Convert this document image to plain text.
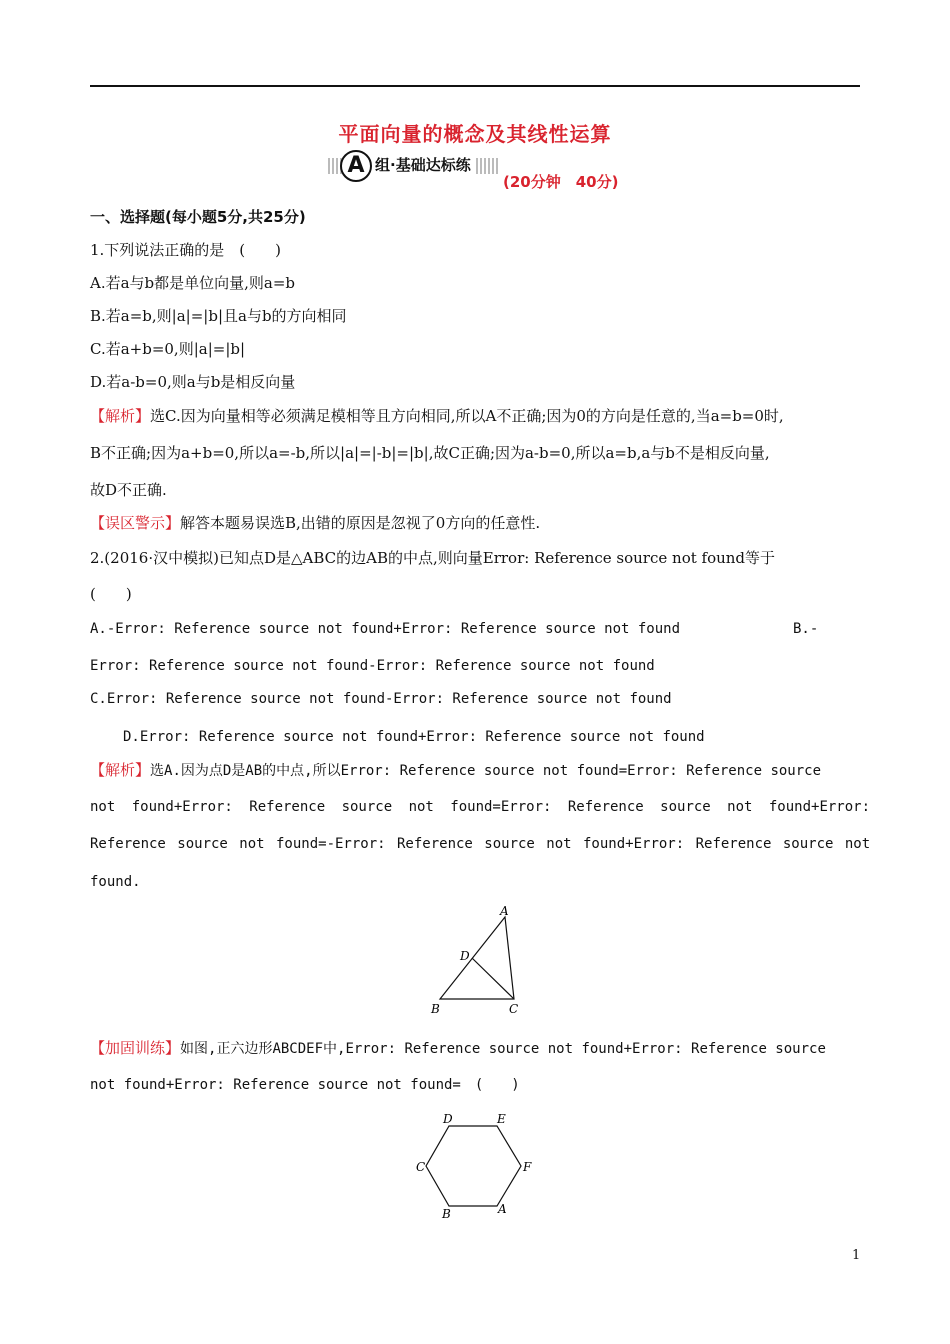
平面向量的概念及其线性运算
A 组·基础达标练
(20分钟　40分)
一、选择题(每小题5分,共25分)
1.下列说法正确的是　(　　)
A.若a与b都是单位向量,则a=b
B.若a=b,则|a|=|b|且a与b的方向相同
C.若a+b=0,则|a|=|b|
D.若a-b=0,则a与b是相反向量
【解析】选C.因为向量相等必须满足模相等且方向相同,所以A不正确;因为0的方向是任意的,当a=b=0时,
B不正确;因为a+b=0,所以a=-b,所以|a|=|-b|=|b|,故C正确;因为a-b=0,所以a=b,a与b不是相反向量,
故D不正确.
【误区警示】解答本题易误选B,出错的原因是忽视了0方向的任意性.
2.(2016·汉中模拟)已知点D是△ABC的边AB的中点,则向量Error: Reference source not found等于
(　　)
A.-Error: Reference source not found+Error: Reference source not found	B.-
Error: Reference source not found-Error: Reference source not found
C.Error: Reference source not found-Error: Reference source not found
D.Error: Reference source not found+Error: Reference source not found
【解析】选A.因为点D是AB的中点,所以Error: Reference source not found=Error: Reference source
not found+Error: Reference source not found=Error: Reference source not found+Error:
Reference source not found=-Error: Reference source not found+Error: Reference source not
found.
A
D
B	C
【加固训练】如图,正六边形ABCDEF中,Error: Reference source not found+Error: Reference source
not found+Error: Reference source not found=　(　　)
D	E
C	F
B	A
1
